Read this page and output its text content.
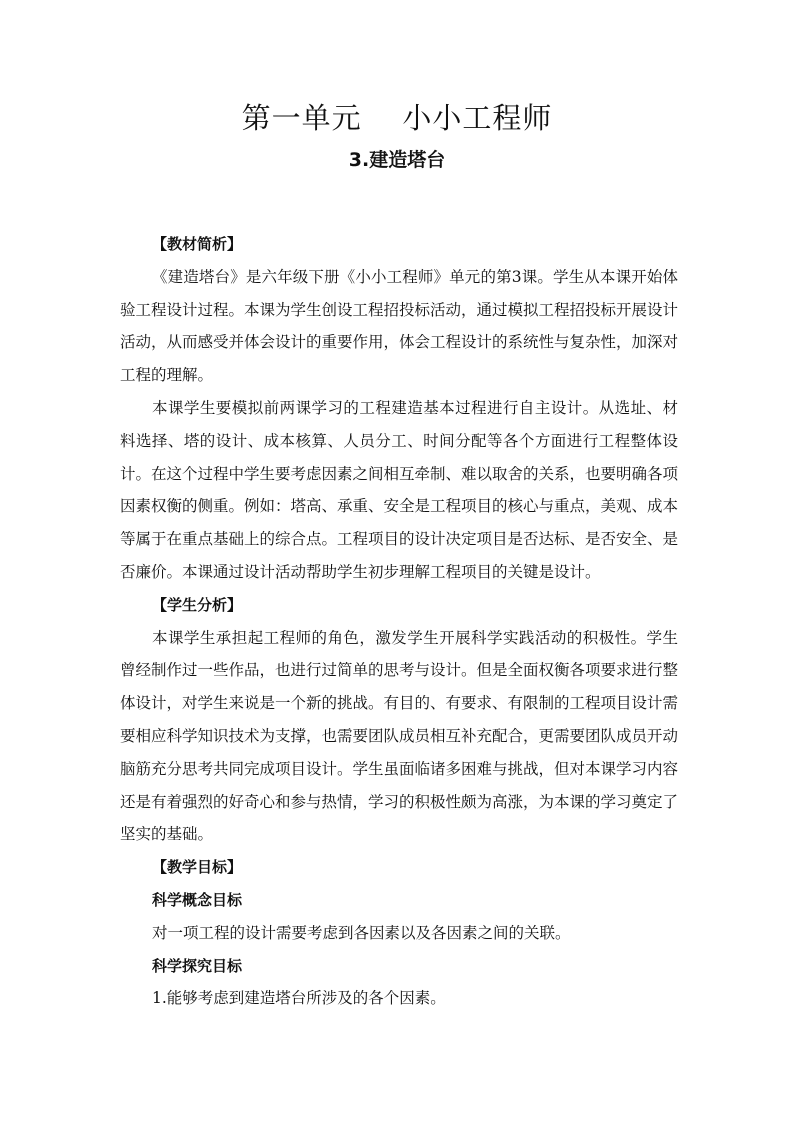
第一单元    小小工程师
3.建造塔台
【教材简析】
《建造塔台》是六年级下册《小小工程师》单元的第3课。学生从本课开始体验工程设计过程。本课为学生创设工程招投标活动，通过模拟工程招投标开展设计活动，从而感受并体会设计的重要作用，体会工程设计的系统性与复杂性，加深对工程的理解。
本课学生要模拟前两课学习的工程建造基本过程进行自主设计。从选址、材料选择、塔的设计、成本核算、人员分工、时间分配等各个方面进行工程整体设计。在这个过程中学生要考虑因素之间相互牵制、难以取舍的关系，也要明确各项因素权衡的侧重。例如：塔高、承重、安全是工程项目的核心与重点，美观、成本等属于在重点基础上的综合点。工程项目的设计决定项目是否达标、是否安全、是否廉价。本课通过设计活动帮助学生初步理解工程项目的关键是设计。
【学生分析】
本课学生承担起工程师的角色，激发学生开展科学实践活动的积极性。学生曾经制作过一些作品，也进行过简单的思考与设计。但是全面权衡各项要求进行整体设计，对学生来说是一个新的挑战。有目的、有要求、有限制的工程项目设计需要相应科学知识技术为支撑，也需要团队成员相互补充配合，更需要团队成员开动脑筋充分思考共同完成项目设计。学生虽面临诸多困难与挑战，但对本课学习内容还是有着强烈的好奇心和参与热情，学习的积极性颇为高涨，为本课的学习奠定了坚实的基础。
【教学目标】
科学概念目标
对一项工程的设计需要考虑到各因素以及各因素之间的关联。
科学探究目标
1.能够考虑到建造塔台所涉及的各个因素。
